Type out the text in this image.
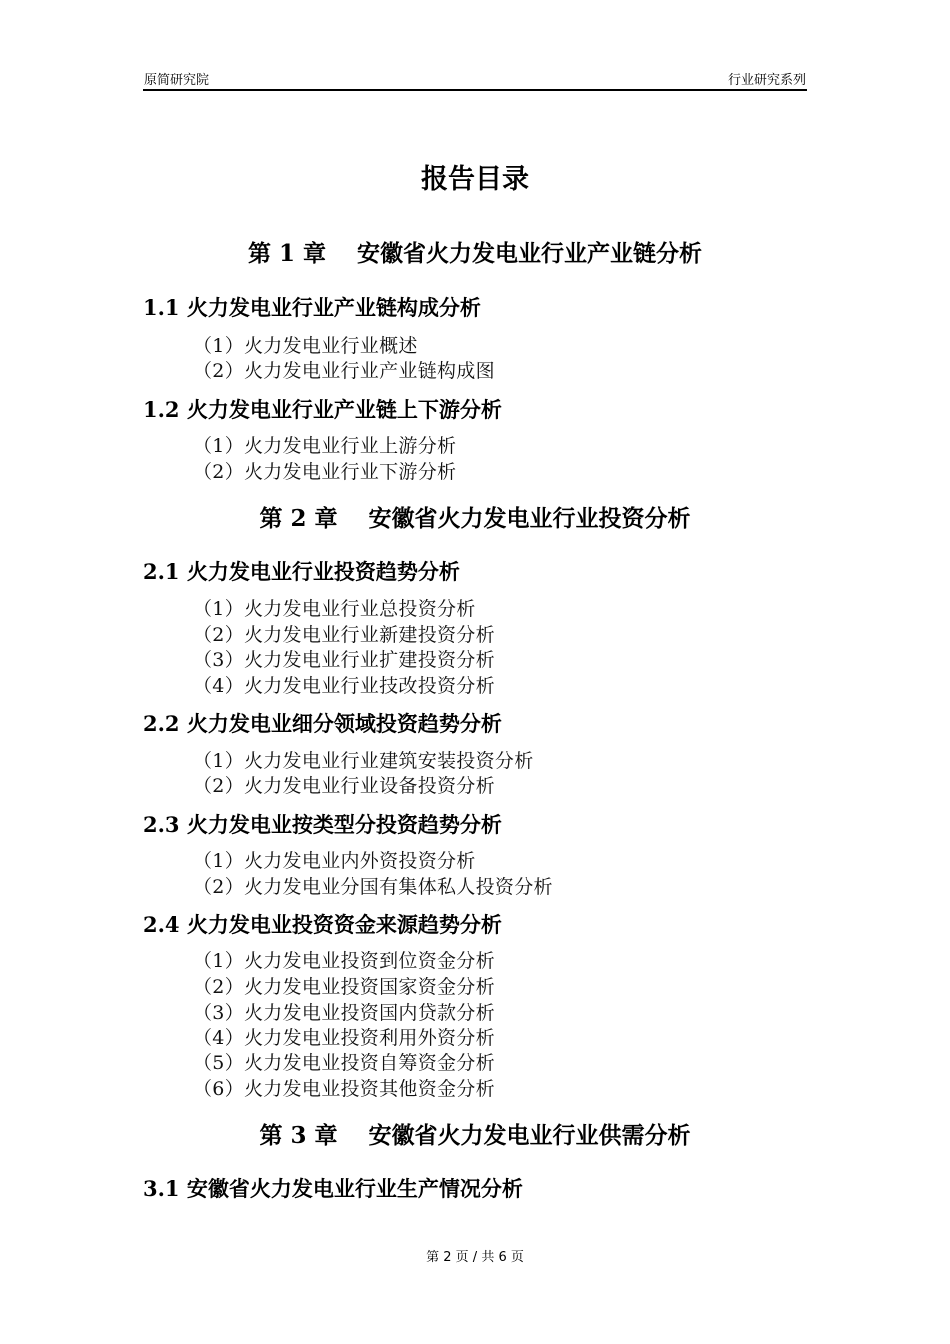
原简研究院	行业研究系列
报告目录
第 1 章　 安徽省火力发电业行业产业链分析
1.1 火力发电业行业产业链构成分析
（1）火力发电业行业概述
（2）火力发电业行业产业链构成图
1.2 火力发电业行业产业链上下游分析
（1）火力发电业行业上游分析
（2）火力发电业行业下游分析
第 2 章　 安徽省火力发电业行业投资分析
2.1 火力发电业行业投资趋势分析
（1）火力发电业行业总投资分析
（2）火力发电业行业新建投资分析
（3）火力发电业行业扩建投资分析
（4）火力发电业行业技改投资分析
2.2 火力发电业细分领域投资趋势分析
（1）火力发电业行业建筑安装投资分析
（2）火力发电业行业设备投资分析
2.3 火力发电业按类型分投资趋势分析
（1）火力发电业内外资投资分析
（2）火力发电业分国有集体私人投资分析
2.4 火力发电业投资资金来源趋势分析
（1）火力发电业投资到位资金分析
（2）火力发电业投资国家资金分析
（3）火力发电业投资国内贷款分析
（4）火力发电业投资利用外资分析
（5）火力发电业投资自筹资金分析
（6）火力发电业投资其他资金分析
第 3 章　 安徽省火力发电业行业供需分析
3.1 安徽省火力发电业行业生产情况分析
第 2 页 / 共 6 页
